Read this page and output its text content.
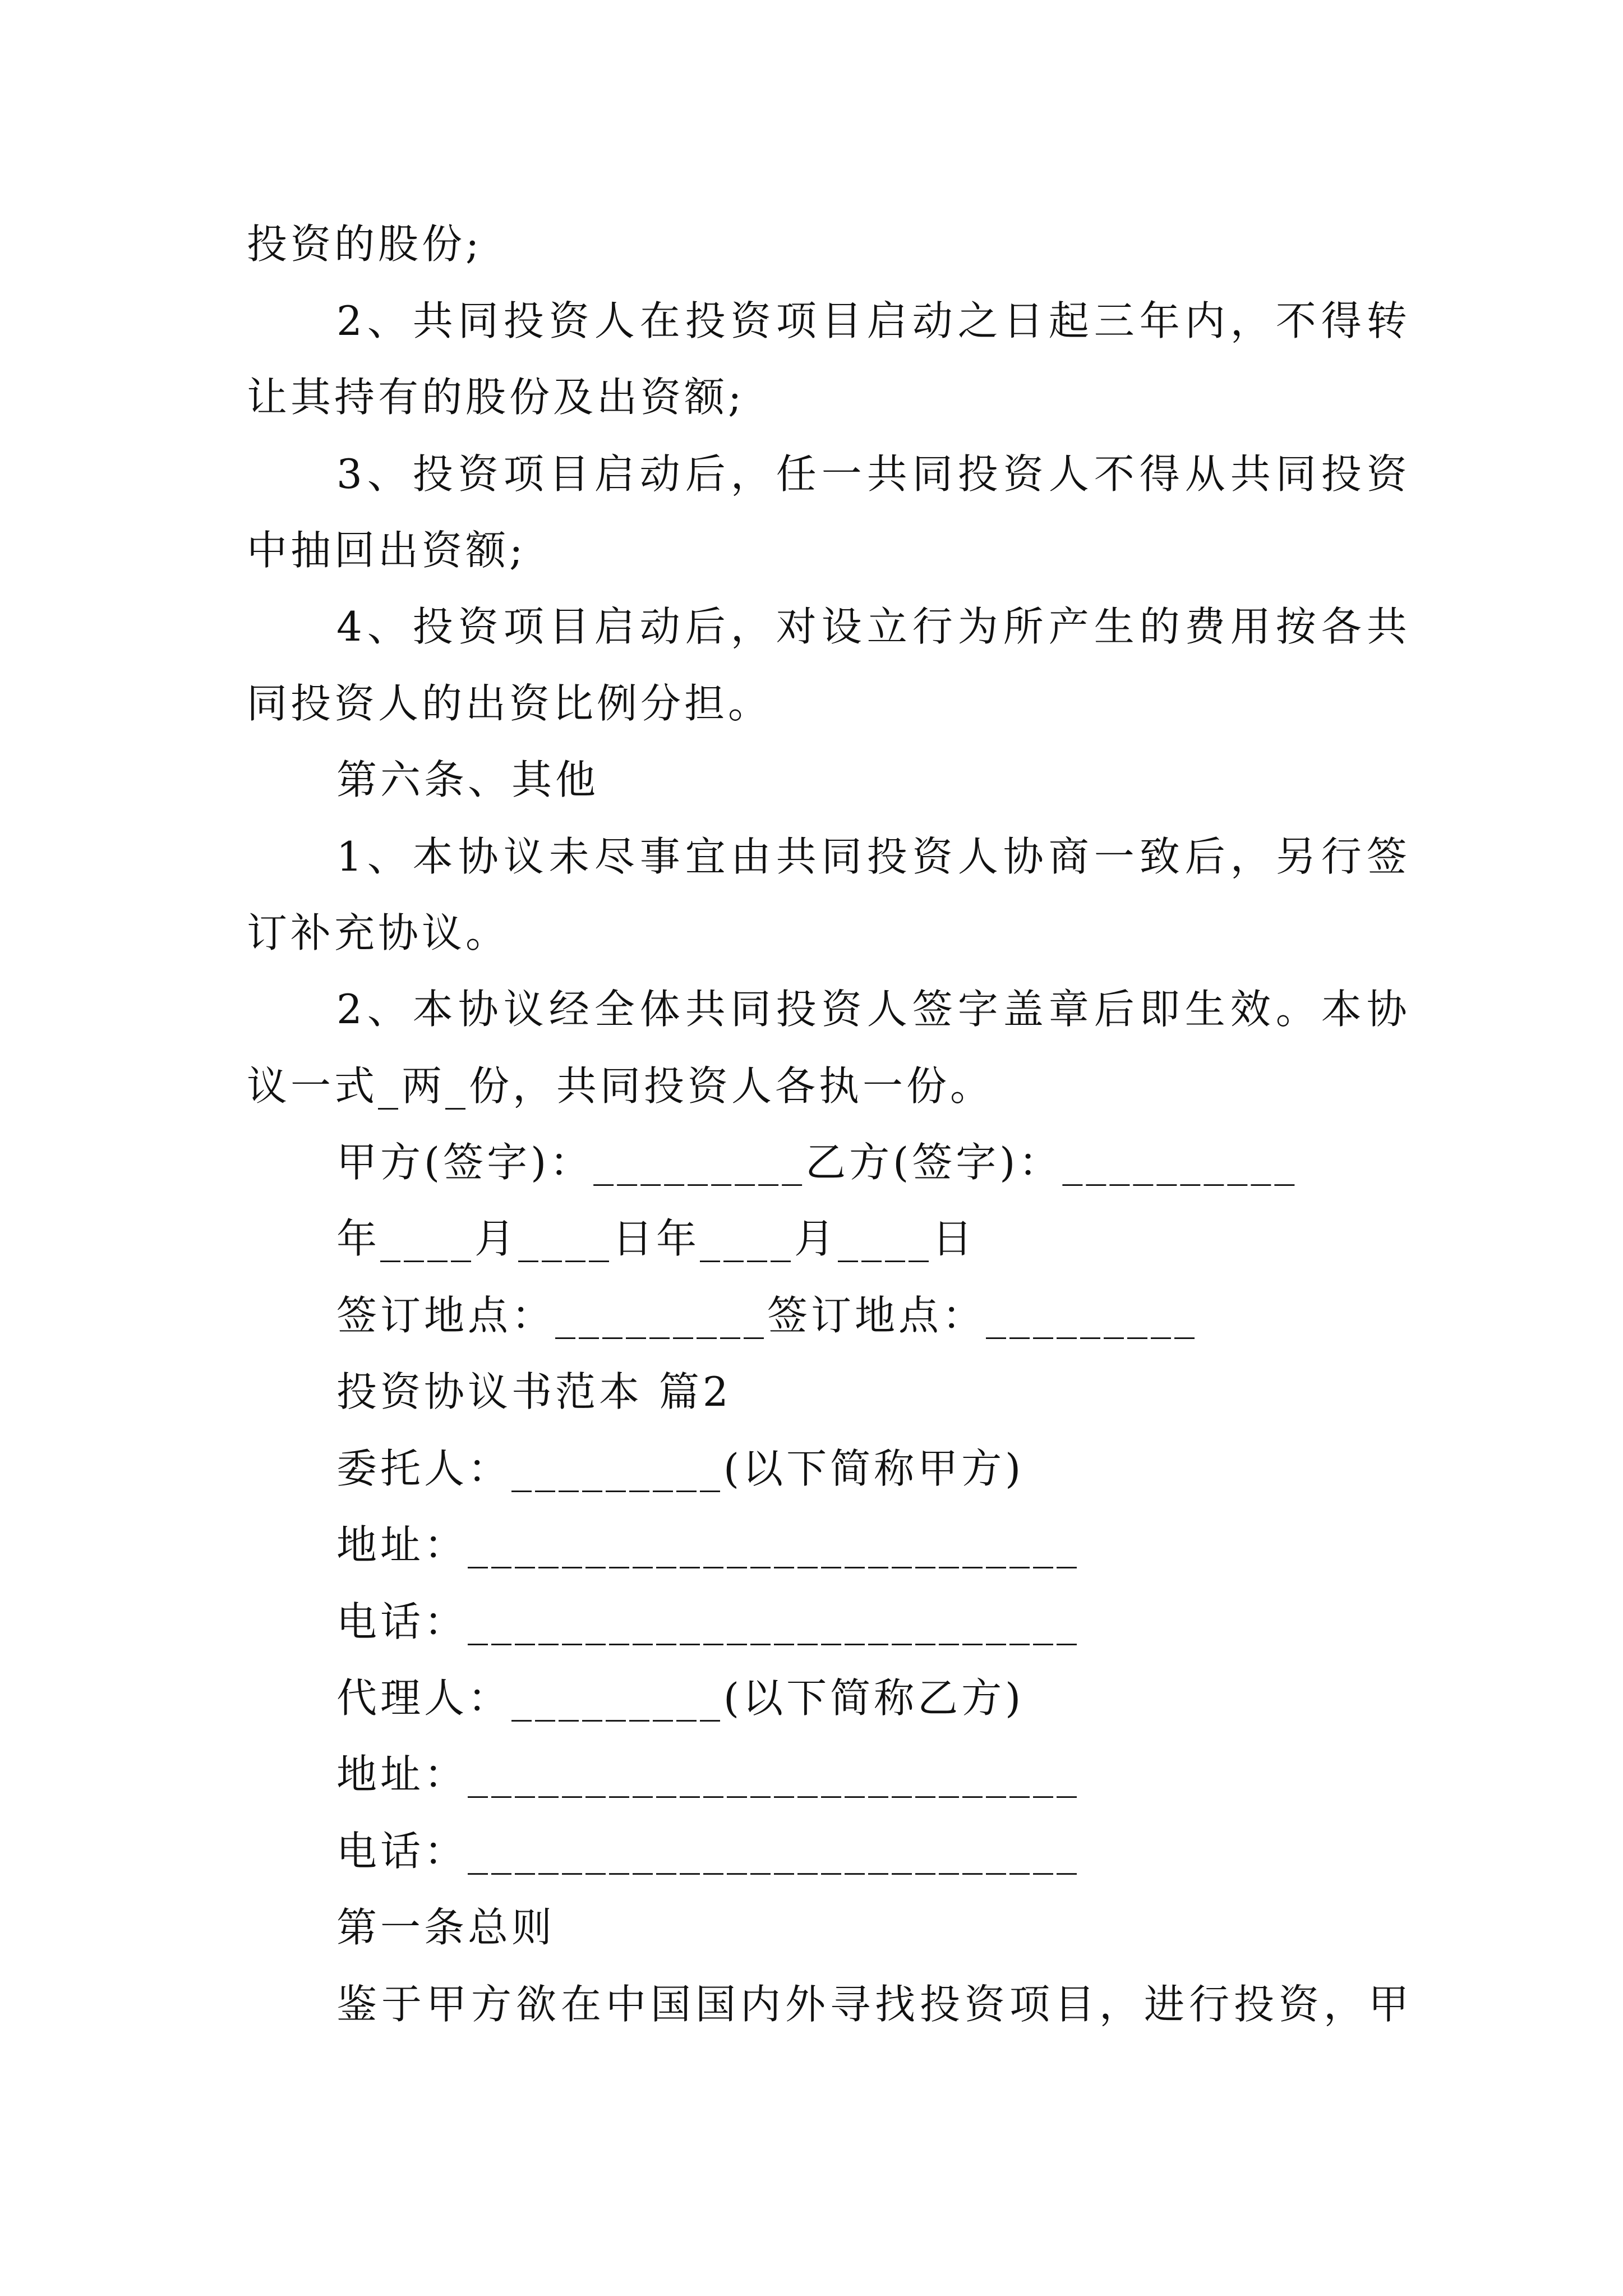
投资的股份;
2、共同投资人在投资项目启动之日起三年内，不得转
让其持有的股份及出资额;
3、投资项目启动后，任一共同投资人不得从共同投资
中抽回出资额;
4、投资项目启动后，对设立行为所产生的费用按各共
同投资人的出资比例分担。
第六条、其他
1、本协议未尽事宜由共同投资人协商一致后，另行签
订补充协议。
2、本协议经全体共同投资人签字盖章后即生效。本协
议一式_两_份，共同投资人各执一份。
甲方(签字)：_________乙方(签字)：__________
年____月____日年____月____日
签订地点：_________签订地点：_________
投资协议书范本 篇2
委托人：_________(以下简称甲方)
地址：__________________________
电话：__________________________
代理人：_________(以下简称乙方)
地址：__________________________
电话：__________________________
第一条总则
鉴于甲方欲在中国国内外寻找投资项目，进行投资，甲
